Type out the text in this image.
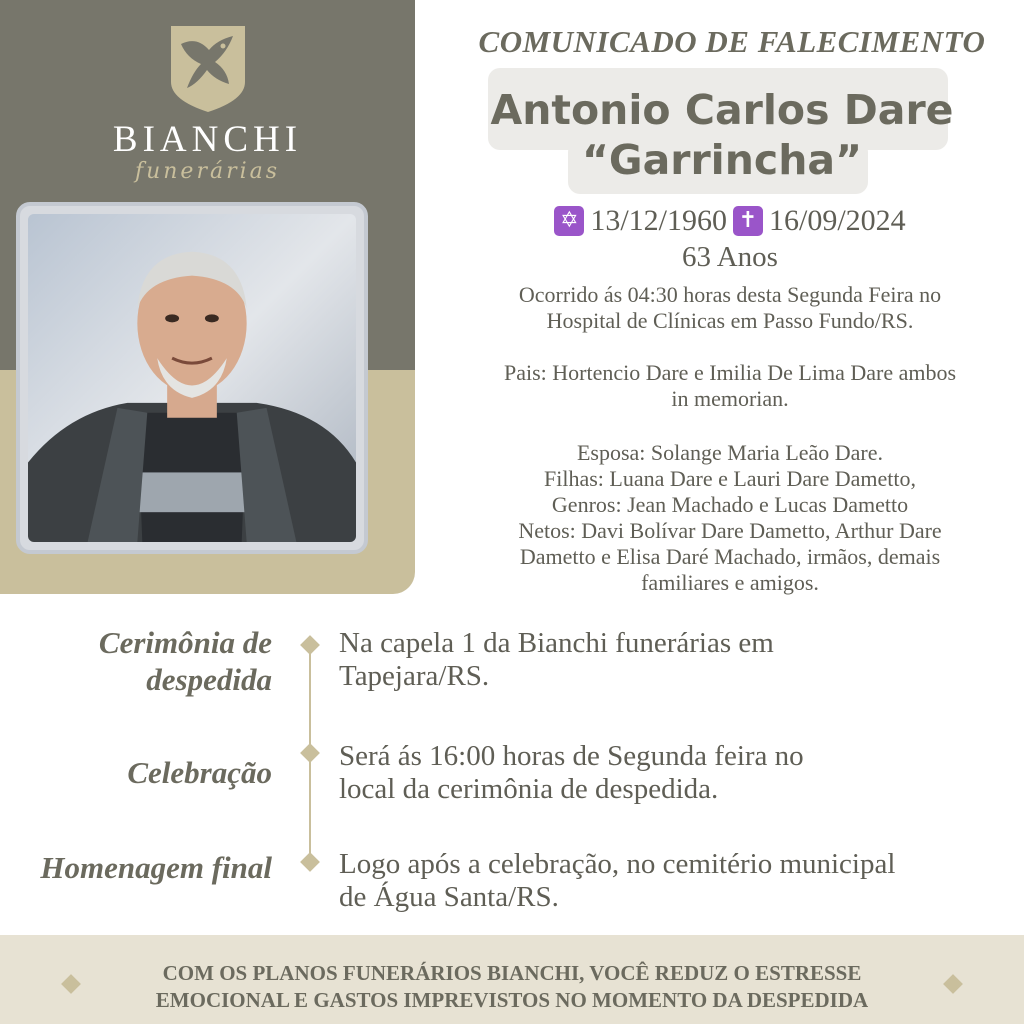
BIANCHI
funerárias
COMUNICADO DE FALECIMENTO
Antonio Carlos Dare
“Garrincha”
✡ 13/12/1960 ✝ 16/09/2024
63 Anos
Ocorrido ás 04:30 horas desta Segunda Feira no
Hospital de Clínicas em Passo Fundo/RS.
Pais: Hortencio Dare e Imilia De Lima Dare ambos
in memorian.
Esposa: Solange Maria Leão Dare.
Filhas: Luana Dare e Lauri Dare Dametto,
Genros: Jean Machado e Lucas Dametto
Netos: Davi Bolívar Dare Dametto, Arthur Dare
Dametto e Elisa Daré Machado, irmãos, demais
familiares e amigos.
Cerimônia de
despedida
Na capela 1 da Bianchi funerárias em
Tapejara/RS.
Celebração Será ás 16:00 horas de Segunda feira no
local da cerimônia de despedida.
Homenagem final Logo após a celebração, no cemitério municipal
de Água Santa/RS.
COM OS PLANOS FUNERÁRIOS BIANCHI, VOCÊ REDUZ O ESTRESSE
EMOCIONAL E GASTOS IMPREVISTOS NO MOMENTO DA DESPEDIDA
